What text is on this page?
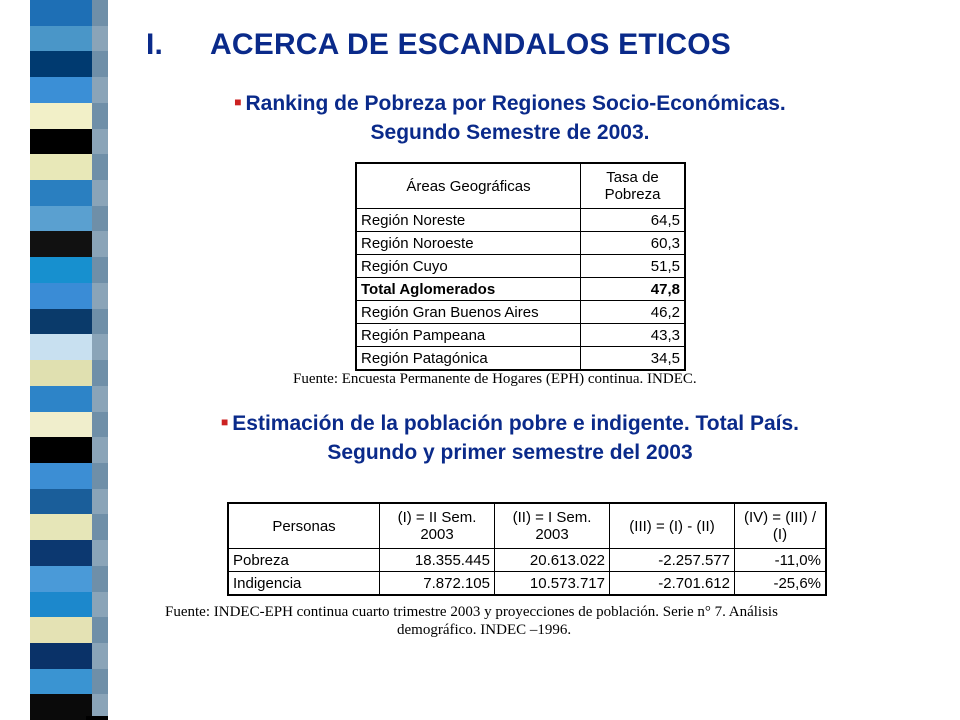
I. ACERCA DE ESCANDALOS ETICOS

■ Ranking de Pobreza por Regiones Socio-Económicas.
Segundo Semestre de 2003.

Áreas Geográficas	Tasa de Pobreza
Región Noreste	64,5
Región Noroeste	60,3
Región Cuyo	51,5
Total Aglomerados	47,8
Región Gran Buenos Aires	46,2
Región Pampeana	43,3
Región Patagónica	34,5

Fuente: Encuesta Permanente de Hogares (EPH) continua. INDEC.

■ Estimación de la población pobre e indigente. Total País.
Segundo y primer semestre del 2003

Personas	(I) = II Sem. 2003	(II) = I Sem. 2003	(III) = (I) - (II)	(IV) = (III) / (I)
Pobreza	18.355.445	20.613.022	-2.257.577	-11,0%
Indigencia	7.872.105	10.573.717	-2.701.612	-25,6%

Fuente: INDEC-EPH continua cuarto trimestre 2003 y proyecciones de población. Serie n° 7. Análisis
demográfico. INDEC –1996.
